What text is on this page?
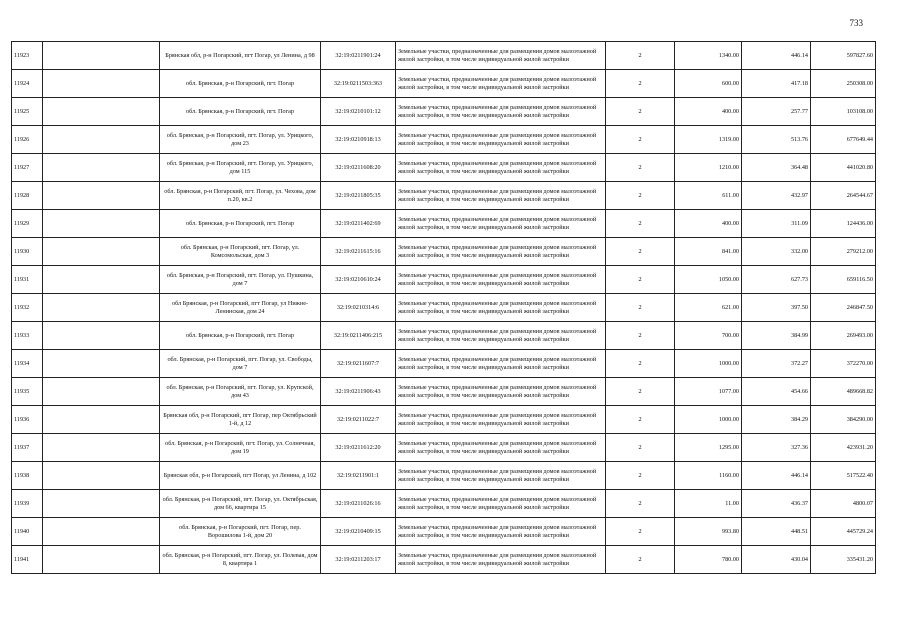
733
11923		Брянская обл, р-н Погарский, пгт Погар, ул Ленина, д 98	32:19:0211901:24	Земельные участки, предназначенные для размещения домов малоэтажной жилой застройки, в том числе индивидуальной жилой застройки	2	1340.00	446.14	597827.60
11924		обл. Брянская, р-н Погарский, пгт. Погар	32:19:0211503:363	Земельные участки, предназначенные для размещения домов малоэтажной жилой застройки, в том числе индивидуальной жилой застройки	2	600.00	417.18	250308.00
11925		обл. Брянская, р-н Погарский, пгт. Погар	32:19:0210101:12	Земельные участки, предназначенные для размещения домов малоэтажной жилой застройки, в том числе индивидуальной жилой застройки	2	400.00	257.77	103108.00
11926		обл. Брянская, р-н Погарский, пгт. Погар, ул. Урицкого, дом 23	32:19:0210918:13	Земельные участки, предназначенные для размещения домов малоэтажной жилой застройки, в том числе индивидуальной жилой застройки	2	1319.00	513.76	677649.44
11927		обл. Брянская, р-н Погарский, пгт. Погар, ул. Урицкого, дом 115	32:19:0211608:20	Земельные участки, предназначенные для размещения домов малоэтажной жилой застройки, в том числе индивидуальной жилой застройки	2	1210.00	364.48	441020.80
11928		обл. Брянская, р-н Погарский, пгт. Погар, ул. Чехова, дом п.20, кв.2	32:19:0211805:35	Земельные участки, предназначенные для размещения домов малоэтажной жилой застройки, в том числе индивидуальной жилой застройки	2	611.00	432.97	264544.67
11929		обл. Брянская, р-н Погарский, пгт. Погар	32:19:0211402:69	Земельные участки, предназначенные для размещения домов малоэтажной жилой застройки, в том числе индивидуальной жилой застройки	2	400.00	311.09	124436.00
11930		обл. Брянская, р-н Погарский, пгт. Погар, ул. Комсомольская, дом 3	32:19:0211615:16	Земельные участки, предназначенные для размещения домов малоэтажной жилой застройки, в том числе индивидуальной жилой застройки	2	841.00	332.00	279212.00
11931		обл. Брянская, р-н Погарский, пгт. Погар, ул. Пушкина, дом 7	32:19:0210610:24	Земельные участки, предназначенные для размещения домов малоэтажной жилой застройки, в том числе индивидуальной жилой застройки	2	1050.00	627.73	659116.50
11932		обл Брянская, р-н Погарский, пгт Погар, ул Нижне-Ленинская, дом 24	32:19:0210314:6	Земельные участки, предназначенные для размещения домов малоэтажной жилой застройки, в том числе индивидуальной жилой застройки	2	621.00	397.50	246847.50
11933		обл. Брянская, р-н Погарский, пгт. Погар	32:19:0211406:215	Земельные участки, предназначенные для размещения домов малоэтажной жилой застройки, в том числе индивидуальной жилой застройки	2	700.00	384.99	269493.00
11934		обл. Брянская, р-н Погарский, пгт. Погар, ул. Свободы, дом 7	32:19:0211607:7	Земельные участки, предназначенные для размещения домов малоэтажной жилой застройки, в том числе индивидуальной жилой застройки	2	1000.00	372.27	372270.00
11935		обл. Брянская, р-н Погарский, пгт. Погар, ул. Крупской, дом 43	32:19:0211906:43	Земельные участки, предназначенные для размещения домов малоэтажной жилой застройки, в том числе индивидуальной жилой застройки	2	1077.00	454.66	489668.82
11936		Брянская обл, р-н Погарский, пгт Погар, пер Октябрьский 1-й, д 12	32:19:0211022:7	Земельные участки, предназначенные для размещения домов малоэтажной жилой застройки, в том числе индивидуальной жилой застройки	2	1000.00	384.29	384290.00
11937		обл. Брянская, р-н Погарский, пгт. Погар, ул. Солнечная, дом 19	32:19:0211612:20	Земельные участки, предназначенные для размещения домов малоэтажной жилой застройки, в том числе индивидуальной жилой застройки	2	1295.00	327.36	423931.20
11938		Брянская обл, р-н Погарский, пгт Погар, ул Ленина, д 102	32:19:0211901:1	Земельные участки, предназначенные для размещения домов малоэтажной жилой застройки, в том числе индивидуальной жилой застройки	2	1160.00	446.14	517522.40
11939		обл. Брянская, р-н Погарский, пгт. Погар, ул. Октябрьская, дом 66, квартира 15	32:19:0211026:16	Земельные участки, предназначенные для размещения домов малоэтажной жилой застройки, в том числе индивидуальной жилой застройки	2	11.00	436.37	4800.07
11940		обл. Брянская, р-н Погарский, пгт. Погар, пер. Ворошилова 1-й, дом 20	32:19:0210409:15	Земельные участки, предназначенные для размещения домов малоэтажной жилой застройки, в том числе индивидуальной жилой застройки	2	993.80	448.51	445729.24
11941		обл. Брянская, р-н Погарский, пгт. Погар, ул. Полевая, дом 8, квартира 1	32:19:0211203:17	Земельные участки, предназначенные для размещения домов малоэтажной жилой застройки, в том числе индивидуальной жилой застройки	2	780.00	430.04	335431.20
